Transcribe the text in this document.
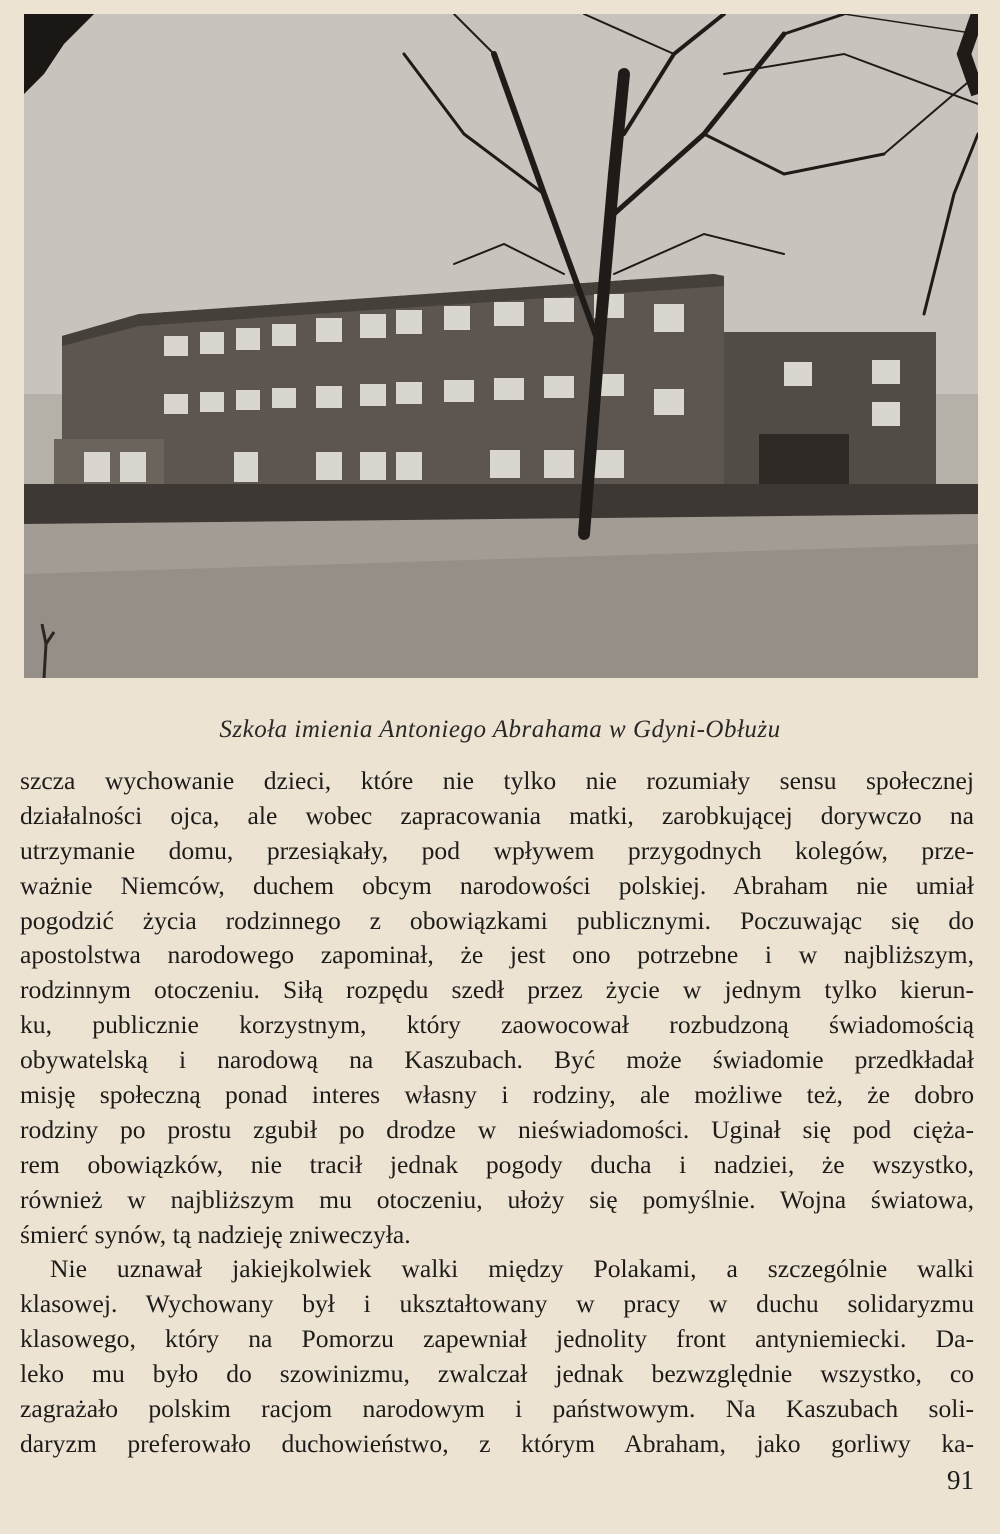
Szkoła imienia Antoniego Abrahama w Gdyni-Obłużu
szcza wychowanie dzieci, które nie tylko nie rozumiały sensu społecznej
działalności ojca, ale wobec zapracowania matki, zarobkującej dorywczo na
utrzymanie domu, przesiąkały, pod wpływem przygodnych kolegów, prze-
ważnie Niemców, duchem obcym narodowości polskiej. Abraham nie umiał
pogodzić życia rodzinnego z obowiązkami publicznymi. Poczuwając się do
apostolstwa narodowego zapominał, że jest ono potrzebne i w najbliższym,
rodzinnym otoczeniu. Siłą rozpędu szedł przez życie w jednym tylko kierun-
ku, publicznie korzystnym, który zaowocował rozbudzoną świadomością
obywatelską i narodową na Kaszubach. Być może świadomie przedkładał
misję społeczną ponad interes własny i rodziny, ale możliwe też, że dobro
rodziny po prostu zgubił po drodze w nieświadomości. Uginał się pod cięża-
rem obowiązków, nie tracił jednak pogody ducha i nadziei, że wszystko,
również w najbliższym mu otoczeniu, ułoży się pomyślnie. Wojna światowa,
śmierć synów, tą nadzieję zniweczyła.
Nie uznawał jakiejkolwiek walki między Polakami, a szczególnie walki
klasowej. Wychowany był i ukształtowany w pracy w duchu solidaryzmu
klasowego, który na Pomorzu zapewniał jednolity front antyniemiecki. Da-
leko mu było do szowinizmu, zwalczał jednak bezwzględnie wszystko, co
zagrażało polskim racjom narodowym i państwowym. Na Kaszubach soli-
daryzm preferowało duchowieństwo, z którym Abraham, jako gorliwy ka-
91
